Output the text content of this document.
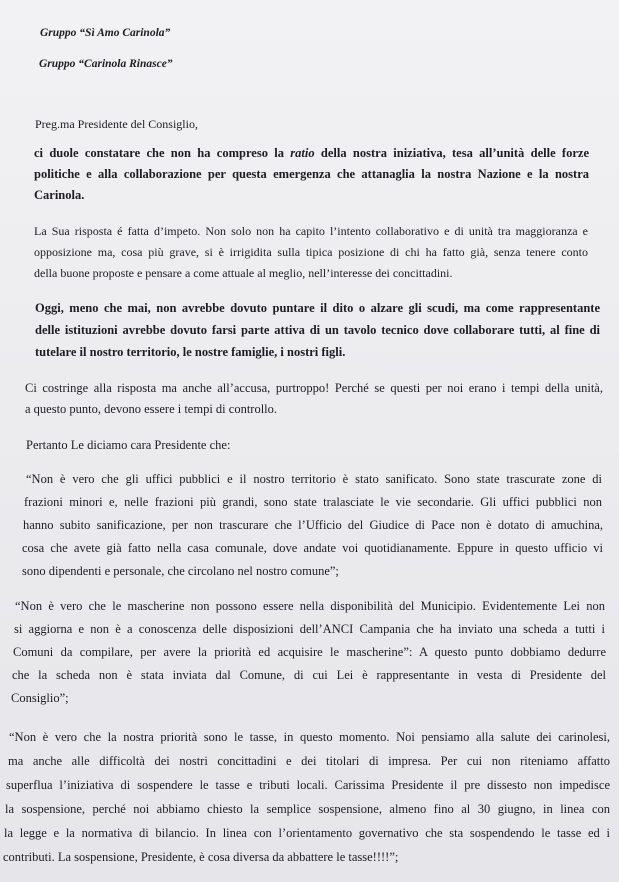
Gruppo “Sì Amo Carinola”
Gruppo “Carinola Rinasce”
Preg.ma Presidente del Consiglio,
ci duole constatare che non ha compreso la ratio della nostra iniziativa, tesa all’unità delle forze
politiche e alla collaborazione per questa emergenza che attanaglia la nostra Nazione e la nostra
Carinola.
La Sua risposta é fatta d’impeto. Non solo non ha capito l’intento collaborativo e di unità tra maggioranza e
opposizione ma, cosa più grave, si è irrigidita sulla tipica posizione di chi ha fatto già, senza tenere conto
della buone proposte e pensare a come attuale al meglio, nell’interesse dei concittadini.
Oggi, meno che mai, non avrebbe dovuto puntare il dito o alzare gli scudi, ma come rappresentante
delle istituzioni avrebbe dovuto farsi parte attiva di un tavolo tecnico dove collaborare tutti, al fine di
tutelare il nostro territorio, le nostre famiglie, i nostri figli.
Ci costringe alla risposta ma anche all’accusa, purtroppo! Perché se questi per noi erano i tempi della unità,
a questo punto, devono essere i tempi di controllo.
Pertanto Le diciamo cara Presidente che:
“Non è vero che gli uffici pubblici e il nostro territorio è stato sanificato. Sono state trascurate zone di
frazioni minori e, nelle frazioni più grandi, sono state tralasciate le vie secondarie. Gli uffici pubblici non
hanno subito sanificazione, per non trascurare che l’Ufficio del Giudice di Pace non è dotato di amuchina,
cosa che avete già fatto nella casa comunale, dove andate voi quotidianamente. Eppure in questo ufficio vi
sono dipendenti e personale, che circolano nel nostro comune”;
“Non è vero che le mascherine non possono essere nella disponibilità del Municipio. Evidentemente Lei non
si aggiorna e non è a conoscenza delle disposizioni dell’ANCI Campania che ha inviato una scheda a tutti i
Comuni da compilare, per avere la priorità ed acquisire le mascherine”: A questo punto dobbiamo dedurre
che la scheda non è stata inviata dal Comune, di cui Lei è rappresentante in vesta di Presidente del
Consiglio”;
“Non è vero che la nostra priorità sono le tasse, in questo momento. Noi pensiamo alla salute dei carinolesi,
ma anche alle difficoltà dei nostri concittadini e dei titolari di impresa. Per cui non riteniamo affatto
superflua l’iniziativa di sospendere le tasse e tributi locali. Carissima Presidente il pre dissesto non impedisce
la sospensione, perché noi abbiamo chiesto la semplice sospensione, almeno fino al 30 giugno, in linea con
la legge e la normativa di bilancio. In linea con l’orientamento governativo che sta sospendendo le tasse ed i
contributi. La sospensione, Presidente, è cosa diversa da abbattere le tasse!!!!”;
